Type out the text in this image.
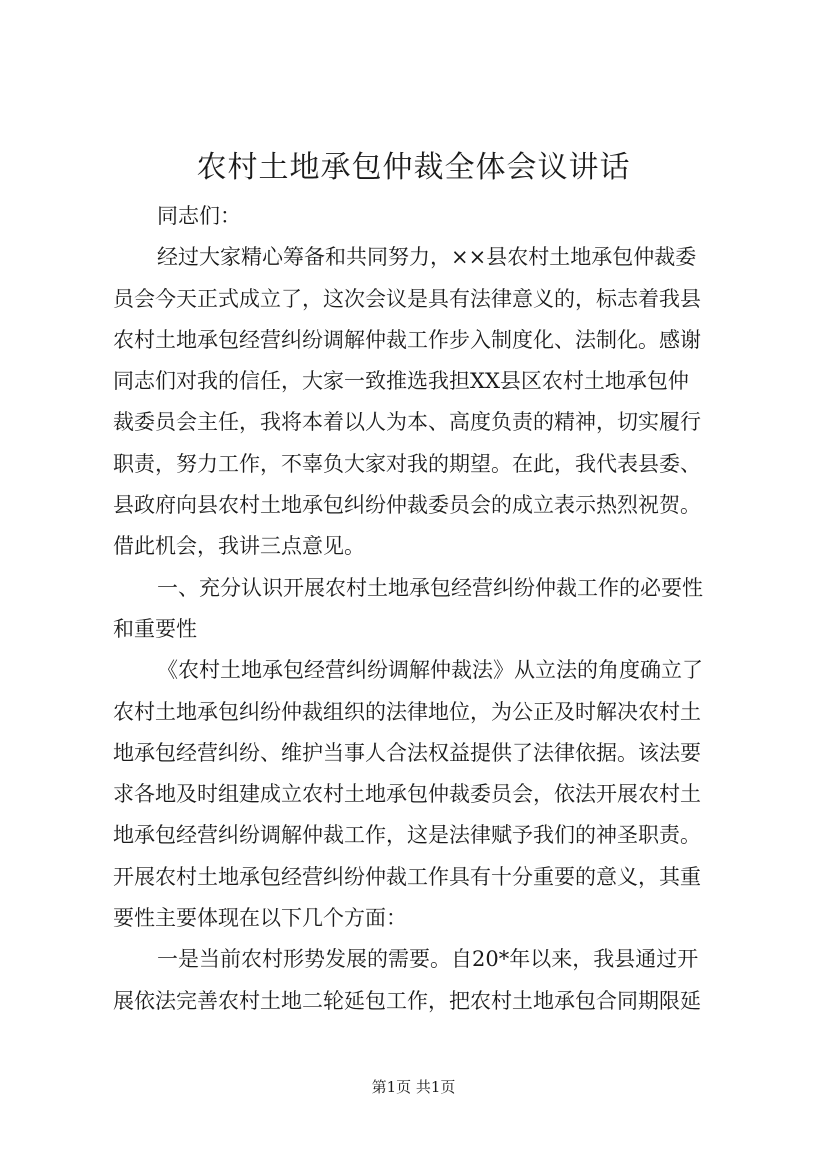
农村土地承包仲裁全体会议讲话
同志们：
经过大家精心筹备和共同努力，××县农村土地承包仲裁委
员会今天正式成立了，这次会议是具有法律意义的，标志着我县
农村土地承包经营纠纷调解仲裁工作步入制度化、法制化。感谢
同志们对我的信任，大家一致推选我担XX县区农村土地承包仲
裁委员会主任，我将本着以人为本、高度负责的精神，切实履行
职责，努力工作，不辜负大家对我的期望。在此，我代表县委、
县政府向县农村土地承包纠纷仲裁委员会的成立表示热烈祝贺。
借此机会，我讲三点意见。
一、充分认识开展农村土地承包经营纠纷仲裁工作的必要性
和重要性
《农村土地承包经营纠纷调解仲裁法》从立法的角度确立了
农村土地承包纠纷仲裁组织的法律地位，为公正及时解决农村土
地承包经营纠纷、维护当事人合法权益提供了法律依据。该法要
求各地及时组建成立农村土地承包仲裁委员会，依法开展农村土
地承包经营纠纷调解仲裁工作，这是法律赋予我们的神圣职责。
开展农村土地承包经营纠纷仲裁工作具有十分重要的意义，其重
要性主要体现在以下几个方面：
一是当前农村形势发展的需要。自20*年以来，我县通过开
展依法完善农村土地二轮延包工作，把农村土地承包合同期限延
第1页 共1页
